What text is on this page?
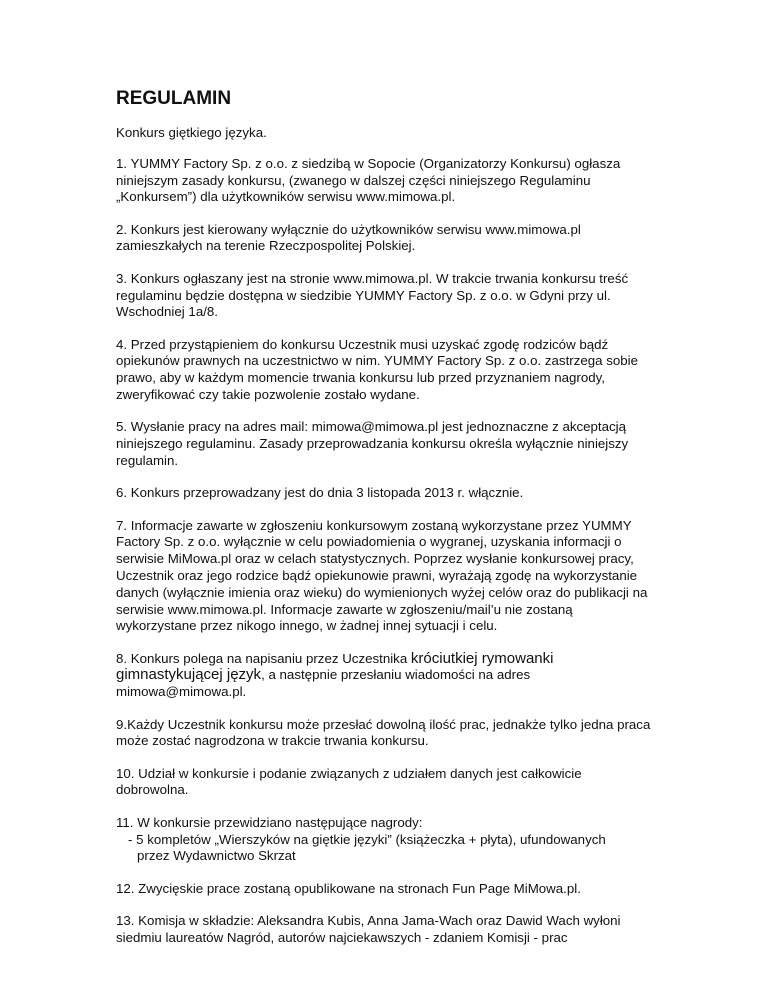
REGULAMIN
Konkurs giętkiego języka.
1. YUMMY Factory Sp. z o.o. z siedzibą w Sopocie (Organizatorzy Konkursu) ogłasza niniejszym zasady konkursu, (zwanego w dalszej części niniejszego Regulaminu „Konkursem”) dla użytkowników serwisu www.mimowa.pl.
2. Konkurs jest kierowany wyłącznie do użytkowników serwisu www.mimowa.pl zamieszkałych na terenie Rzeczpospolitej Polskiej.
3. Konkurs ogłaszany jest na stronie www.mimowa.pl. W trakcie trwania konkursu treść regulaminu będzie dostępna w siedzibie YUMMY Factory Sp. z o.o. w Gdyni przy ul. Wschodniej 1a/8.
4. Przed przystąpieniem do konkursu Uczestnik musi uzyskać zgodę rodziców bądź opiekunów prawnych na uczestnictwo w nim. YUMMY Factory Sp. z o.o. zastrzega sobie prawo, aby w każdym momencie trwania konkursu lub przed przyznaniem nagrody, zweryfikować czy takie pozwolenie zostało wydane.
5. Wysłanie pracy na adres mail: mimowa@mimowa.pl jest jednoznaczne z akceptacją niniejszego regulaminu. Zasady przeprowadzania konkursu określa wyłącznie niniejszy regulamin.
6. Konkurs przeprowadzany jest do dnia 3 listopada 2013 r. włącznie.
7. Informacje zawarte w zgłoszeniu konkursowym zostaną wykorzystane przez YUMMY Factory Sp. z o.o. wyłącznie w celu powiadomienia o wygranej, uzyskania informacji o serwisie MiMowa.pl oraz w celach statystycznych. Poprzez wysłanie konkursowej pracy, Uczestnik oraz jego rodzice bądź opiekunowie prawni, wyrażają zgodę na wykorzystanie danych (wyłącznie imienia oraz wieku) do wymienionych wyżej celów oraz do publikacji na serwisie www.mimowa.pl. Informacje zawarte w zgłoszeniu/mail’u nie zostaną wykorzystane przez nikogo innego, w żadnej innej sytuacji i celu.
8. Konkurs polega na napisaniu przez Uczestnika króciutkiej rymowanki gimnastykującej język, a następnie przesłaniu wiadomości na adres mimowa@mimowa.pl.
9.Każdy Uczestnik konkursu może przesłać dowolną ilość prac, jednakże tylko jedna praca może zostać nagrodzona w trakcie trwania konkursu.
10. Udział w konkursie i podanie związanych z udziałem danych jest całkowicie dobrowolna.
11. W konkursie przewidziano następujące nagrody:
- 5 kompletów „Wierszyków na giętkie języki” (książeczka + płyta), ufundowanych
przez Wydawnictwo Skrzat
12. Zwycięskie prace zostaną opublikowane na stronach Fun Page MiMowa.pl.
13. Komisja w składzie: Aleksandra Kubis, Anna Jama-Wach oraz Dawid Wach wyłoni siedmiu laureatów Nagród, autorów najciekawszych - zdaniem Komisji - prac
